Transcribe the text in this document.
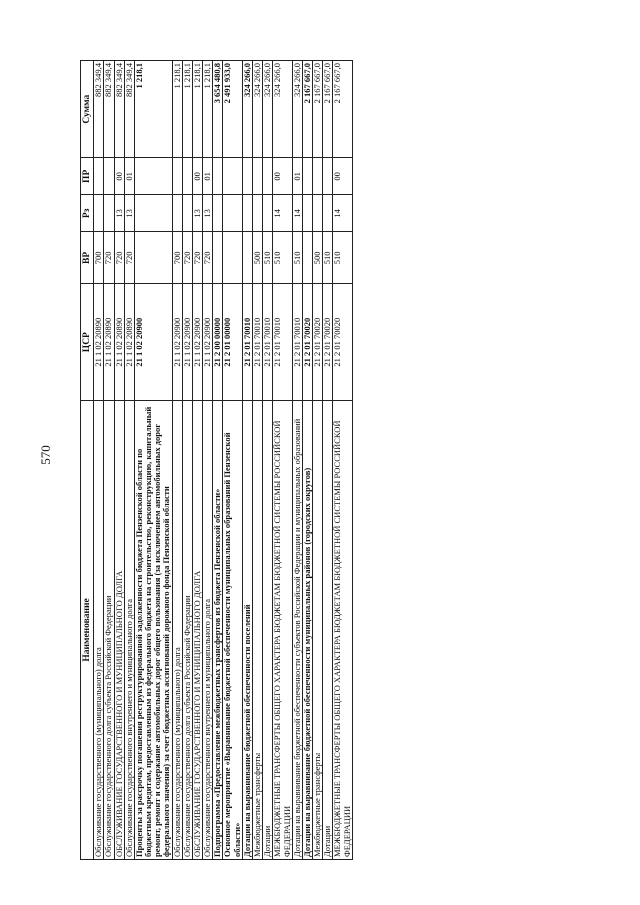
570
Наименование	ЦСР	ВР	Рз	ПР	Сумма
Обслуживание государственного (муниципального) долга	21 1 02 20890	700			882 349,4
Обслуживание государственного долга субъекта Российской Федерации	21 1 02 20890	720			882 349,4
ОБСЛУЖИВАНИЕ ГОСУДАРСТВЕННОГО И МУНИЦИПАЛЬНОГО ДОЛГА	21 1 02 20890	720	13	00	882 349,4
Обслуживание государственного внутреннего и муниципального долга	21 1 02 20890	720	13	01	882 349,4
Проценты за рассрочку погашения реструктурированной задолженности бюджета Пензенской области по бюджетным кредитам, предоставленным из федерального бюджета на строительство, реконструкцию, капитальный ремонт, ремонт и содержание автомобильных дорог общего пользования (за исключением автомобильных дорог федерального значения) за счет бюджетных ассигнований дорожного фонда Пензенской области	21 1 02 20900				1 218,1
Обслуживание государственного (муниципального) долга	21 1 02 20900	700			1 218,1
Обслуживание государственного долга субъекта Российской Федерации	21 1 02 20900	720			1 218,1
ОБСЛУЖИВАНИЕ ГОСУДАРСТВЕННОГО И МУНИЦИПАЛЬНОГО ДОЛГА	21 1 02 20900	720	13	00	1 218,1
Обслуживание государственного внутреннего и муниципального долга	21 1 02 20900	720	13	01	1 218,1
Подпрограмма «Предоставление межбюджетных трансфертов из бюджета Пензенской области»	21 2 00 00000				3 654 480,8
Основное мероприятие «Выравнивание бюджетной обеспеченности муниципальных образований Пензенской области»	21 2 01 00000				2 491 933,0
Дотации на выравнивание бюджетной обеспеченности поселений	21 2 01 70010				324 266,0
Межбюджетные трансферты	21 2 01 70010	500			324 266,0
Дотации	21 2 01 70010	510			324 266,0
МЕЖБЮДЖЕТНЫЕ ТРАНСФЕРТЫ ОБЩЕГО ХАРАКТЕРА БЮДЖЕТАМ БЮДЖЕТНОЙ СИСТЕМЫ РОССИЙСКОЙ ФЕДЕРАЦИИ	21 2 01 70010	510	14	00	324 266,0
Дотации на выравнивание бюджетной обеспеченности субъектов Российской Федерации и муниципальных образований	21 2 01 70010	510	14	01	324 266,0
Дотации на выравнивание бюджетной обеспеченности муниципальных районов (городских округов)	21 2 01 70020				2 167 667,0
Межбюджетные трансферты	21 2 01 70020	500			2 167 667,0
Дотации	21 2 01 70020	510			2 167 667,0
МЕЖБЮДЖЕТНЫЕ ТРАНСФЕРТЫ ОБЩЕГО ХАРАКТЕРА БЮДЖЕТАМ БЮДЖЕТНОЙ СИСТЕМЫ РОССИЙСКОЙ ФЕДЕРАЦИИ	21 2 01 70020	510	14	00	2 167 667,0
